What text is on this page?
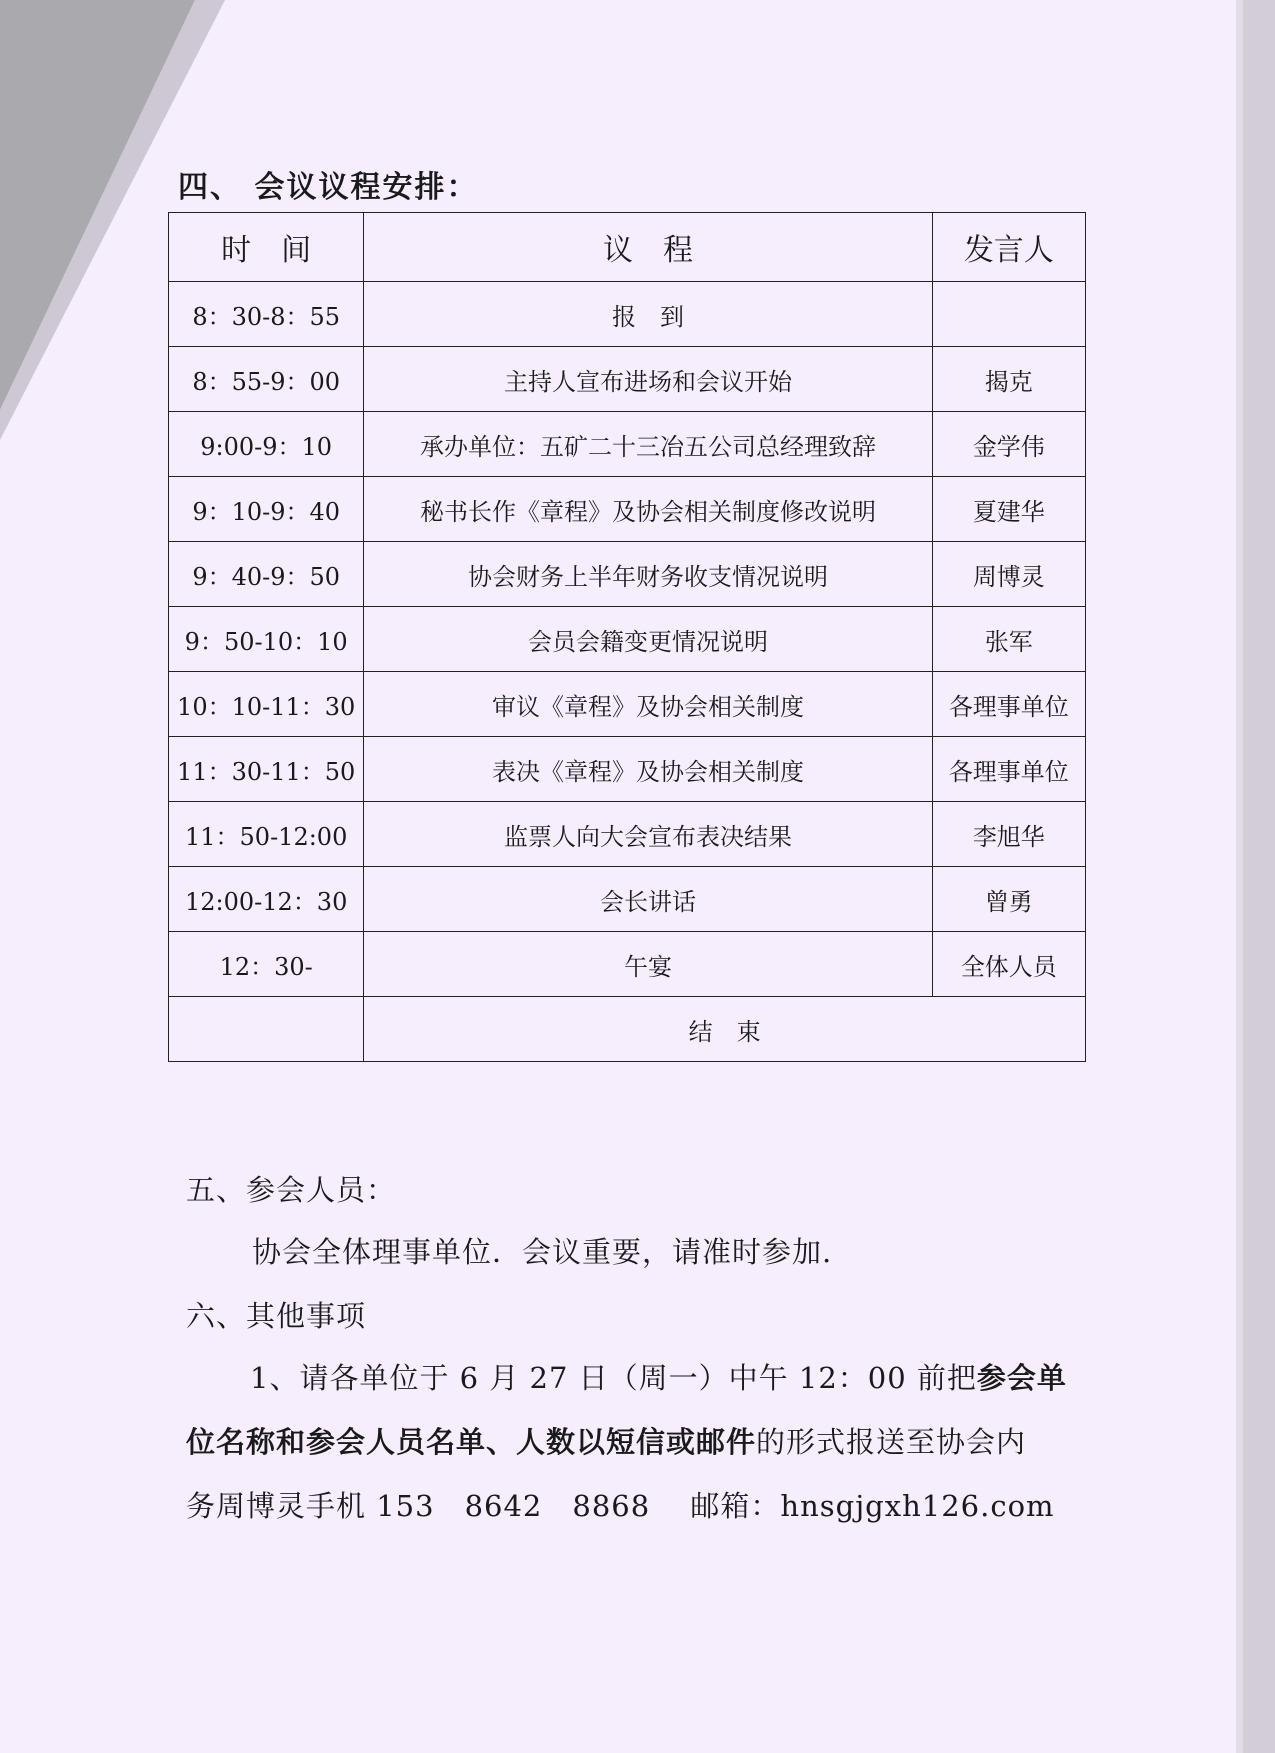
四、 会议议程安排：
时　间	议　程	发言人
8：30-8：55	报　到	
8：55-9：00	主持人宣布进场和会议开始	揭克
9:00-9：10	承办单位：五矿二十三冶五公司总经理致辞	金学伟
9：10-9：40	秘书长作《章程》及协会相关制度修改说明	夏建华
9：40-9：50	协会财务上半年财务收支情况说明	周博灵
9：50-10：10	会员会籍变更情况说明	张军
10：10-11：30	审议《章程》及协会相关制度	各理事单位
11：30-11：50	表决《章程》及协会相关制度	各理事单位
11：50-12:00	监票人向大会宣布表决结果	李旭华
12:00-12：30	会长讲话	曾勇
12：30-	午宴	全体人员
	结　束	
五、参会人员：
协会全体理事单位．会议重要，请准时参加.
六、其他事项
1、请各单位于 6 月 27 日（周一）中午 12：00 前把参会单
位名称和参会人员名单、人数以短信或邮件的形式报送至协会内
务周博灵手机 153　8642　8868　 邮箱：hnsgjgxh126.com
